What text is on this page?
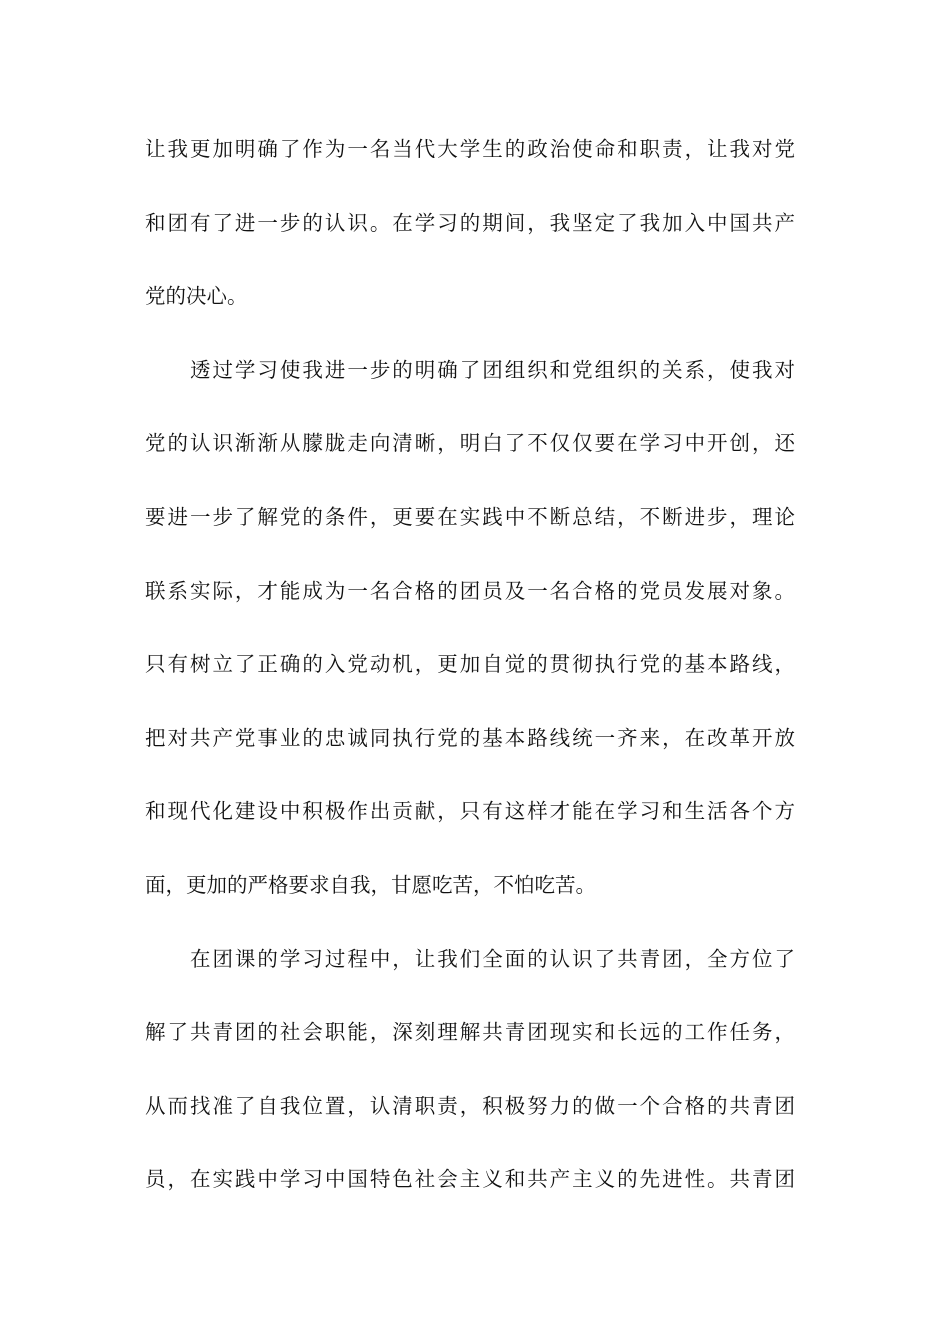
让我更加明确了作为一名当代大学生的政治使命和职责，让我对党
和团有了进一步的认识。在学习的期间，我坚定了我加入中国共产
党的决心。
　　透过学习使我进一步的明确了团组织和党组织的关系，使我对
党的认识渐渐从朦胧走向清晰，明白了不仅仅要在学习中开创，还
要进一步了解党的条件，更要在实践中不断总结，不断进步，理论
联系实际，才能成为一名合格的团员及一名合格的党员发展对象。
只有树立了正确的入党动机，更加自觉的贯彻执行党的基本路线，
把对共产党事业的忠诚同执行党的基本路线统一齐来，在改革开放
和现代化建设中积极作出贡献，只有这样才能在学习和生活各个方
面，更加的严格要求自我，甘愿吃苦，不怕吃苦。
　　在团课的学习过程中，让我们全面的认识了共青团，全方位了
解了共青团的社会职能，深刻理解共青团现实和长远的工作任务，
从而找准了自我位置，认清职责，积极努力的做一个合格的共青团
员，在实践中学习中国特色社会主义和共产主义的先进性。共青团
